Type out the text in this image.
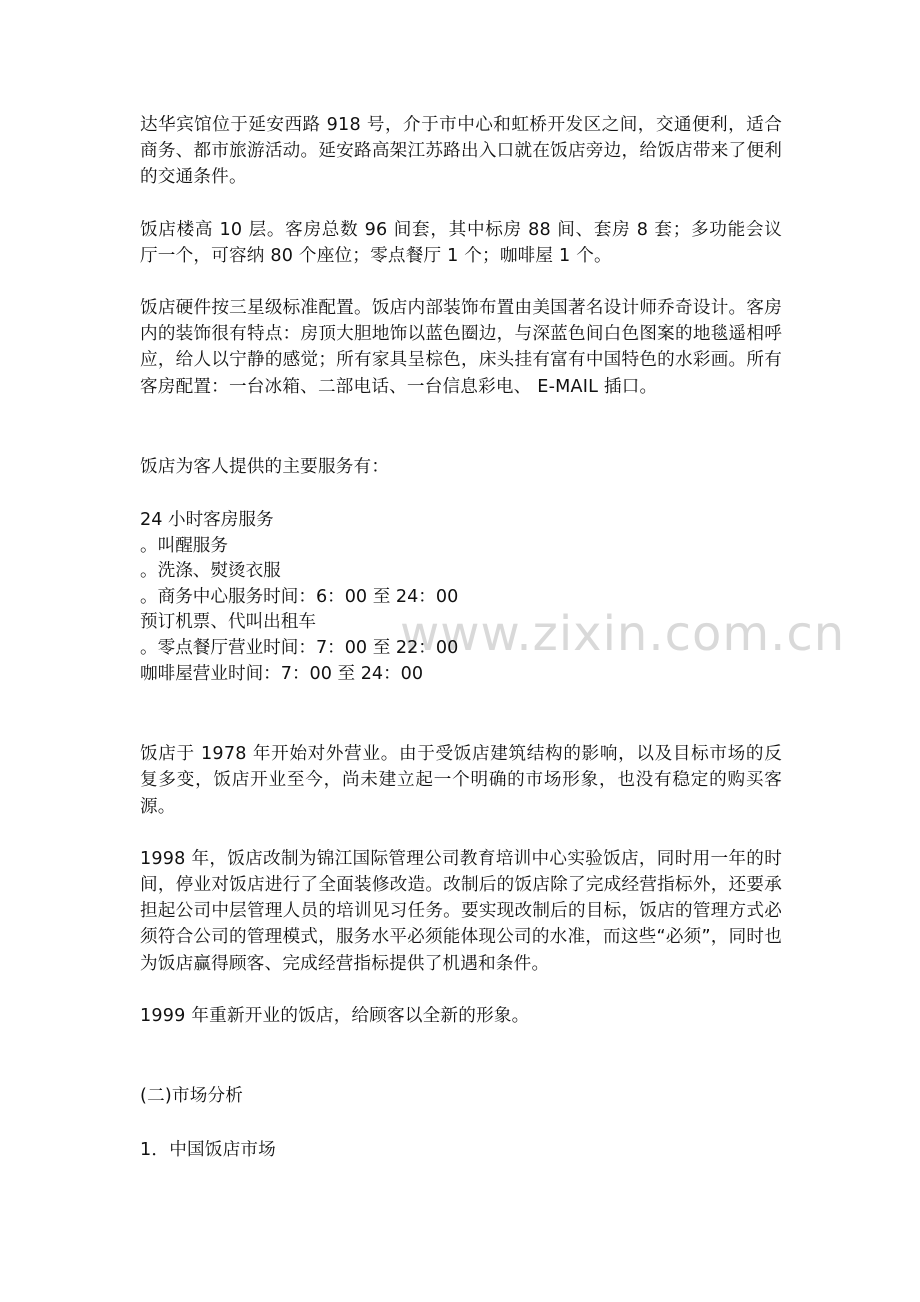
www.zixin.com.cn

达华宾馆位于延安西路 918 号，介于市中心和虹桥开发区之间，交通便利，适合商务、都市旅游活动。延安路高架江苏路出入口就在饭店旁边，给饭店带来了便利的交通条件。

饭店楼高 10 层。客房总数 96 间套，其中标房 88 间、套房 8 套；多功能会议厅一个，可容纳 80 个座位；零点餐厅 1 个；咖啡屋 1 个。

饭店硬件按三星级标准配置。饭店内部装饰布置由美国著名设计师乔奇设计。客房内的装饰很有特点：房顶大胆地饰以蓝色圈边，与深蓝色间白色图案的地毯遥相呼应，给人以宁静的感觉；所有家具呈棕色，床头挂有富有中国特色的水彩画。所有客房配置：一台冰箱、二部电话、一台信息彩电、 E-MAIL 插口。

饭店为客人提供的主要服务有：

24 小时客房服务

。叫醒服务

。洗涤、熨烫衣服

。商务中心服务时间：6：00 至 24：00

预订机票、代叫出租车

。零点餐厅营业时间：7：00 至 22：00

咖啡屋营业时间：7：00 至 24：00

饭店于 1978 年开始对外营业。由于受饭店建筑结构的影响，以及目标市场的反复多变，饭店开业至今，尚未建立起一个明确的市场形象，也没有稳定的购买客源。

1998 年，饭店改制为锦江国际管理公司教育培训中心实验饭店，同时用一年的时间，停业对饭店进行了全面装修改造。改制后的饭店除了完成经营指标外，还要承担起公司中层管理人员的培训见习任务。要实现改制后的目标，饭店的管理方式必须符合公司的管理模式，服务水平必须能体现公司的水准，而这些“必须”，同时也为饭店赢得顾客、完成经营指标提供了机遇和条件。

1999 年重新开业的饭店，给顾客以全新的形象。

(二)市场分析

1．中国饭店市场
